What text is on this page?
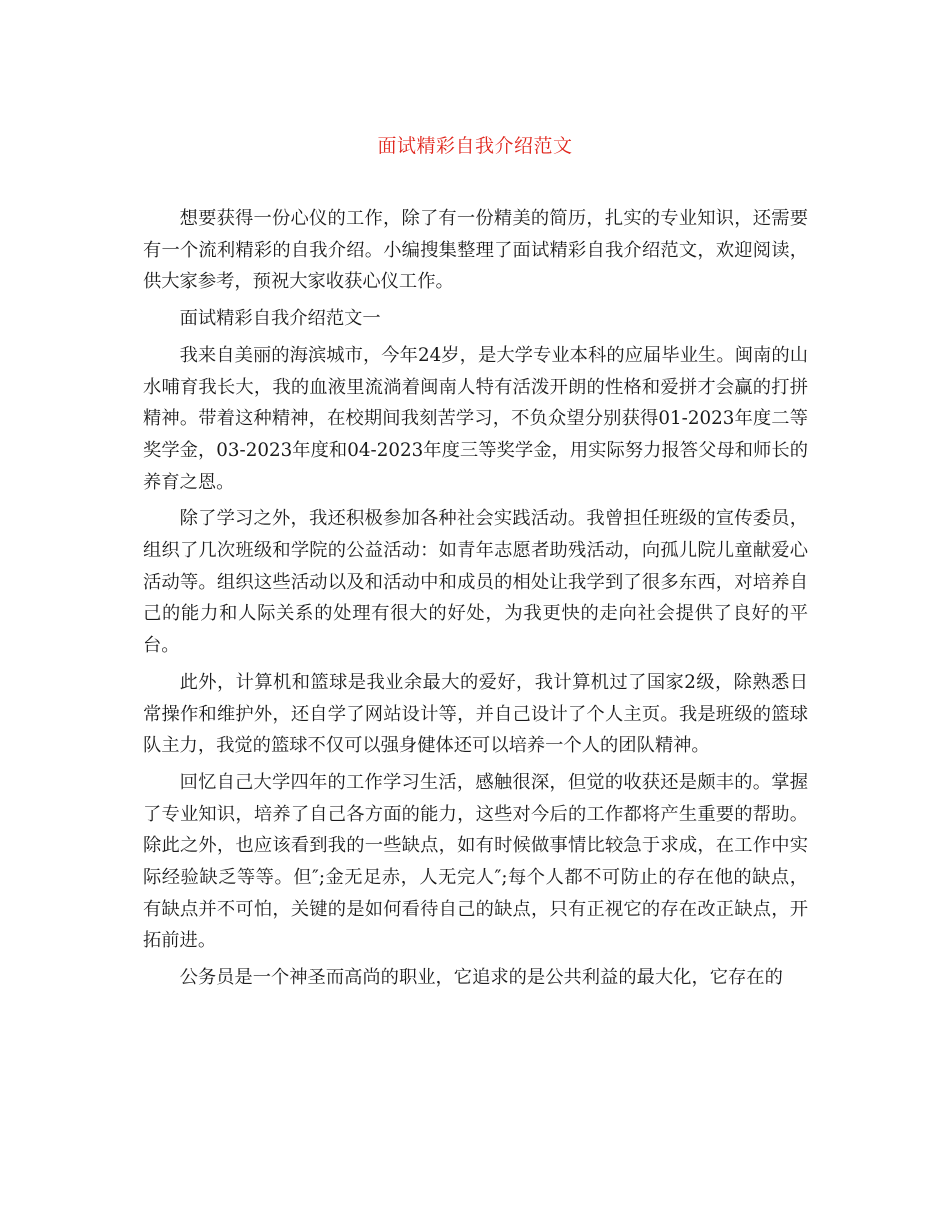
面试精彩自我介绍范文

想要获得一份心仪的工作，除了有一份精美的简历，扎实的专业知识，还需要有一个流利精彩的自我介绍。小编搜集整理了面试精彩自我介绍范文，欢迎阅读，供大家参考，预祝大家收获心仪工作。

面试精彩自我介绍范文一

我来自美丽的海滨城市，今年24岁，是大学专业本科的应届毕业生。闽南的山水哺育我长大，我的血液里流淌着闽南人特有活泼开朗的性格和爱拼才会赢的打拼精神。带着这种精神，在校期间我刻苦学习，不负众望分别获得01-2023年度二等奖学金，03-2023年度和04-2023年度三等奖学金，用实际努力报答父母和师长的养育之恩。

除了学习之外，我还积极参加各种社会实践活动。我曾担任班级的宣传委员，组织了几次班级和学院的公益活动：如青年志愿者助残活动，向孤儿院儿童献爱心活动等。组织这些活动以及和活动中和成员的相处让我学到了很多东西，对培养自己的能力和人际关系的处理有很大的好处，为我更快的走向社会提供了良好的平台。

此外，计算机和篮球是我业余最大的爱好，我计算机过了国家2级，除熟悉日常操作和维护外，还自学了网站设计等，并自己设计了个人主页。我是班级的篮球队主力，我觉的篮球不仅可以强身健体还可以培养一个人的团队精神。

回忆自己大学四年的工作学习生活，感触很深，但觉的收获还是颇丰的。掌握了专业知识，培养了自己各方面的能力，这些对今后的工作都将产生重要的帮助。除此之外，也应该看到我的一些缺点，如有时候做事情比较急于求成，在工作中实际经验缺乏等等。但″;金无足赤，人无完人″;每个人都不可防止的存在他的缺点，有缺点并不可怕，关键的是如何看待自己的缺点，只有正视它的存在改正缺点，开拓前进。

公务员是一个神圣而高尚的职业，它追求的是公共利益的最大化，它存在的
